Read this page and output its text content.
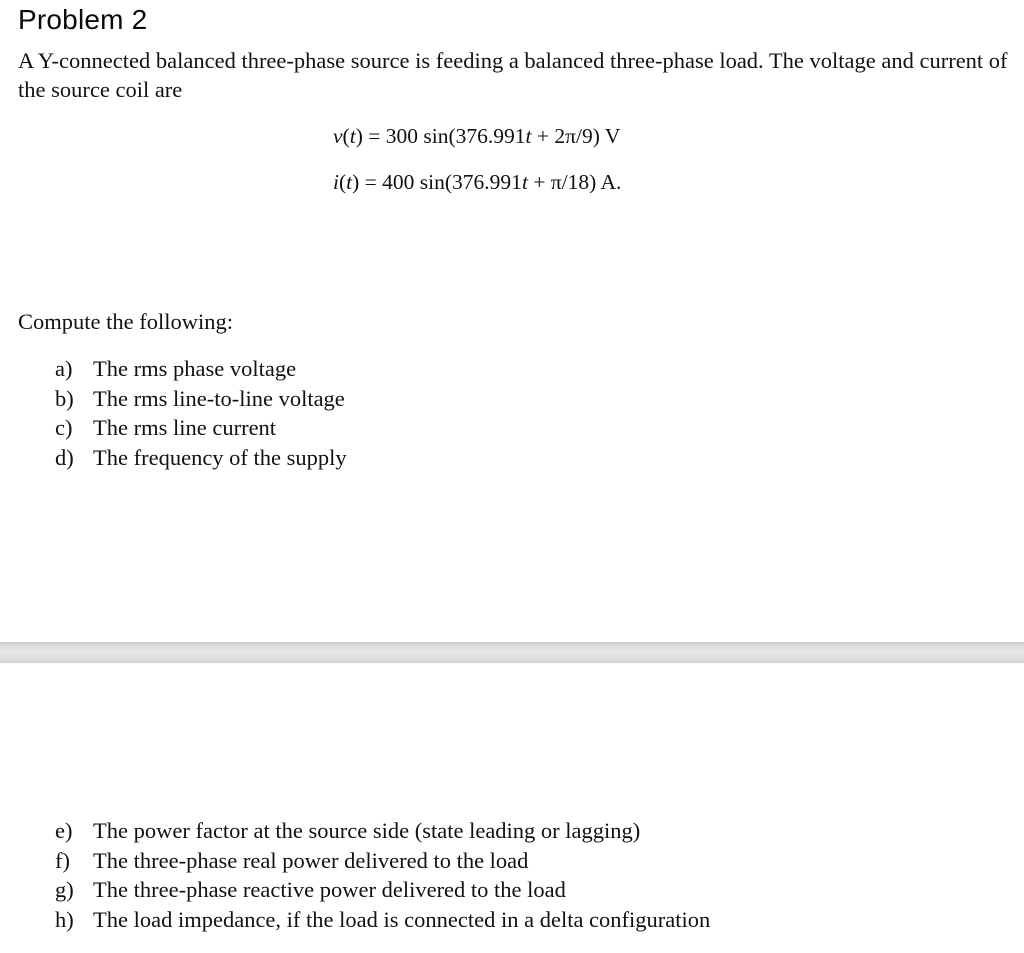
Problem 2

A Y-connected balanced three-phase source is feeding a balanced three-phase load. The voltage and current of the source coil are

v(t) = 300 sin(376.991t + 2π/9) V
i(t) = 400 sin(376.991t + π/18) A.

Compute the following:

a) The rms phase voltage
b) The rms line-to-line voltage
c) The rms line current
d) The frequency of the supply
e) The power factor at the source side (state leading or lagging)
f) The three-phase real power delivered to the load
g) The three-phase reactive power delivered to the load
h) The load impedance, if the load is connected in a delta configuration
